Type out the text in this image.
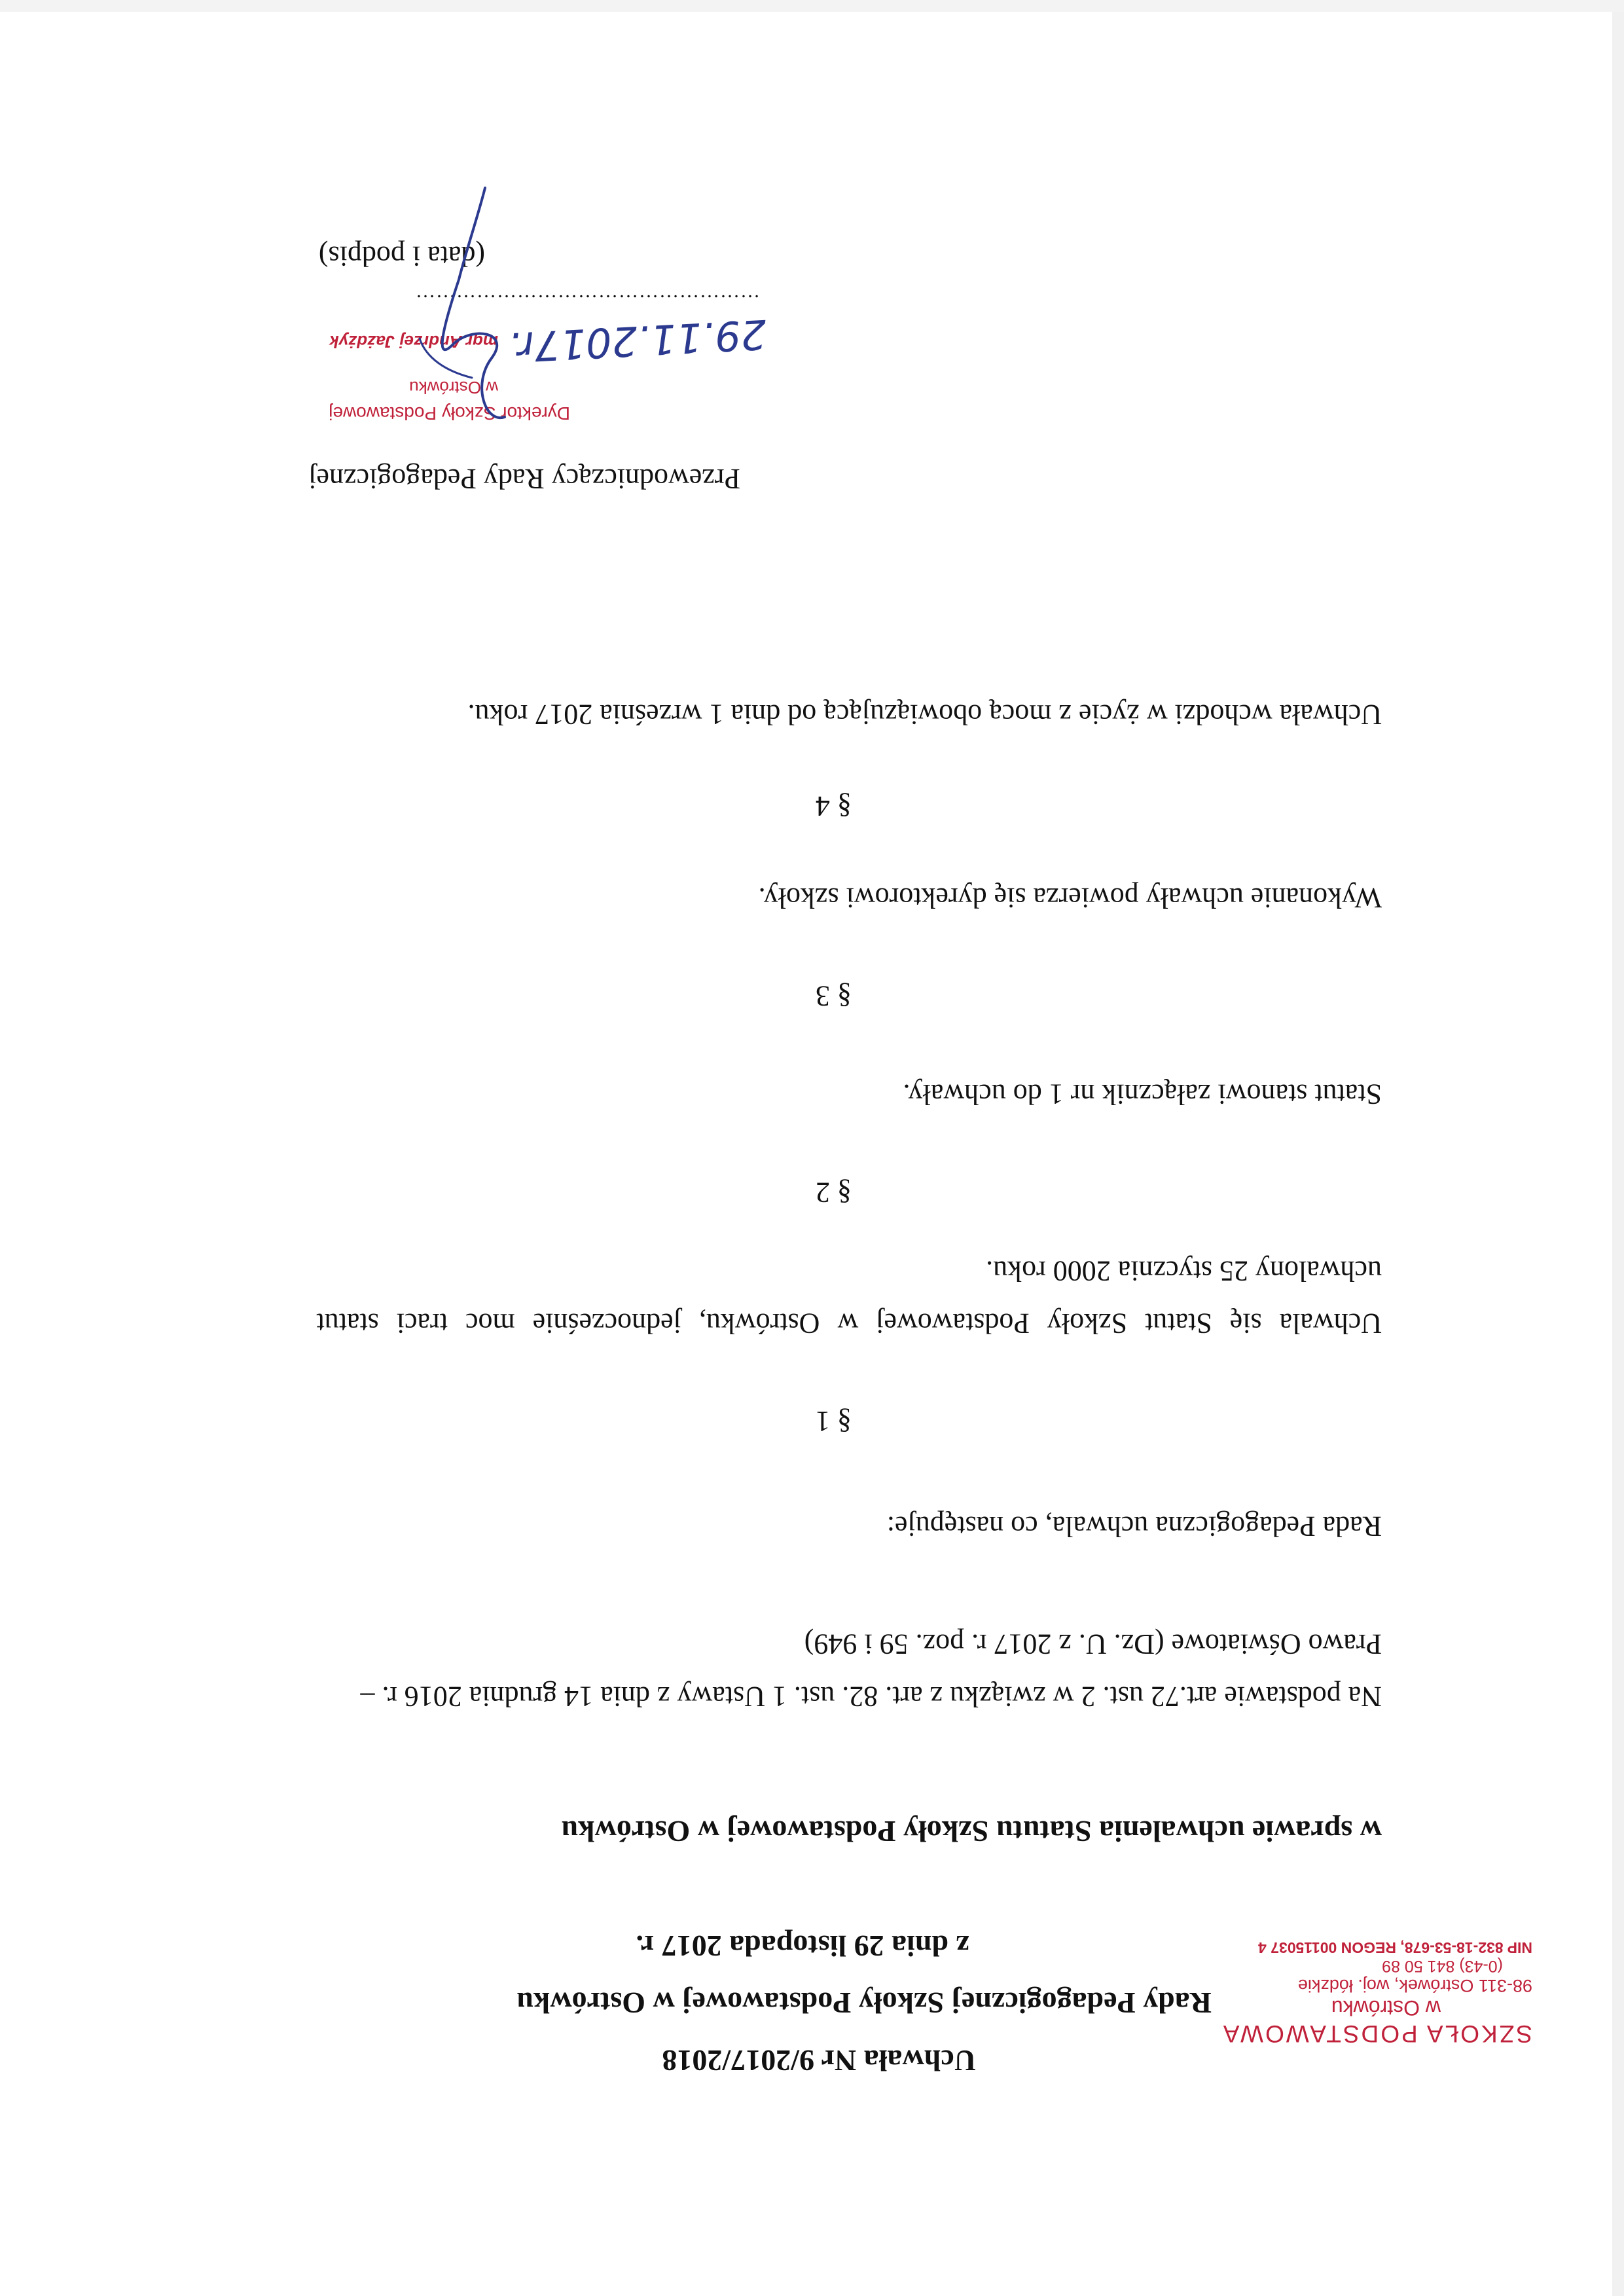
SZKOŁA PODSTAWOWA
w Ostrówku
98-311 Ostrówek, woj. łódzkie
(0-43) 841 50 89
NIP 832-18-53-678, REGON 00115037 4
Uchwała Nr 9/2017/2018
Rady Pedagogicznej Szkoły Podstawowej w Ostrówku
z dnia 29 listopada 2017 r.
w sprawie uchwalenia Statutu Szkoły Podstawowej w Ostrówku
Na podstawie art.72 ust. 2 w związku z art. 82. ust. 1 Ustawy z dnia 14 grudnia 2016 r. –
Prawo Oświatowe (Dz. U. z 2017 r. poz. 59 i 949)
Rada Pedagogiczna uchwala, co następuje:
§ 1
Uchwala się Statut Szkoły Podstawowej w Ostrówku, jednocześnie moc traci statut
uchwalony 25 stycznia 2000 roku.
§ 2
Statut stanowi załącznik nr 1 do uchwały.
§ 3
Wykonanie uchwały powierza się dyrektorowi szkoły.
§ 4
Uchwała wchodzi w życie z mocą obowiązującą od dnia 1 września 2017 roku.
Przewodniczący Rady Pedagogicznej
Dyrektor Szkoły Podstawowej
w Ostrówku
mgr Andrzej Jażdżyk 29.11.2017r.
……………………………………………
(data i podpis)
